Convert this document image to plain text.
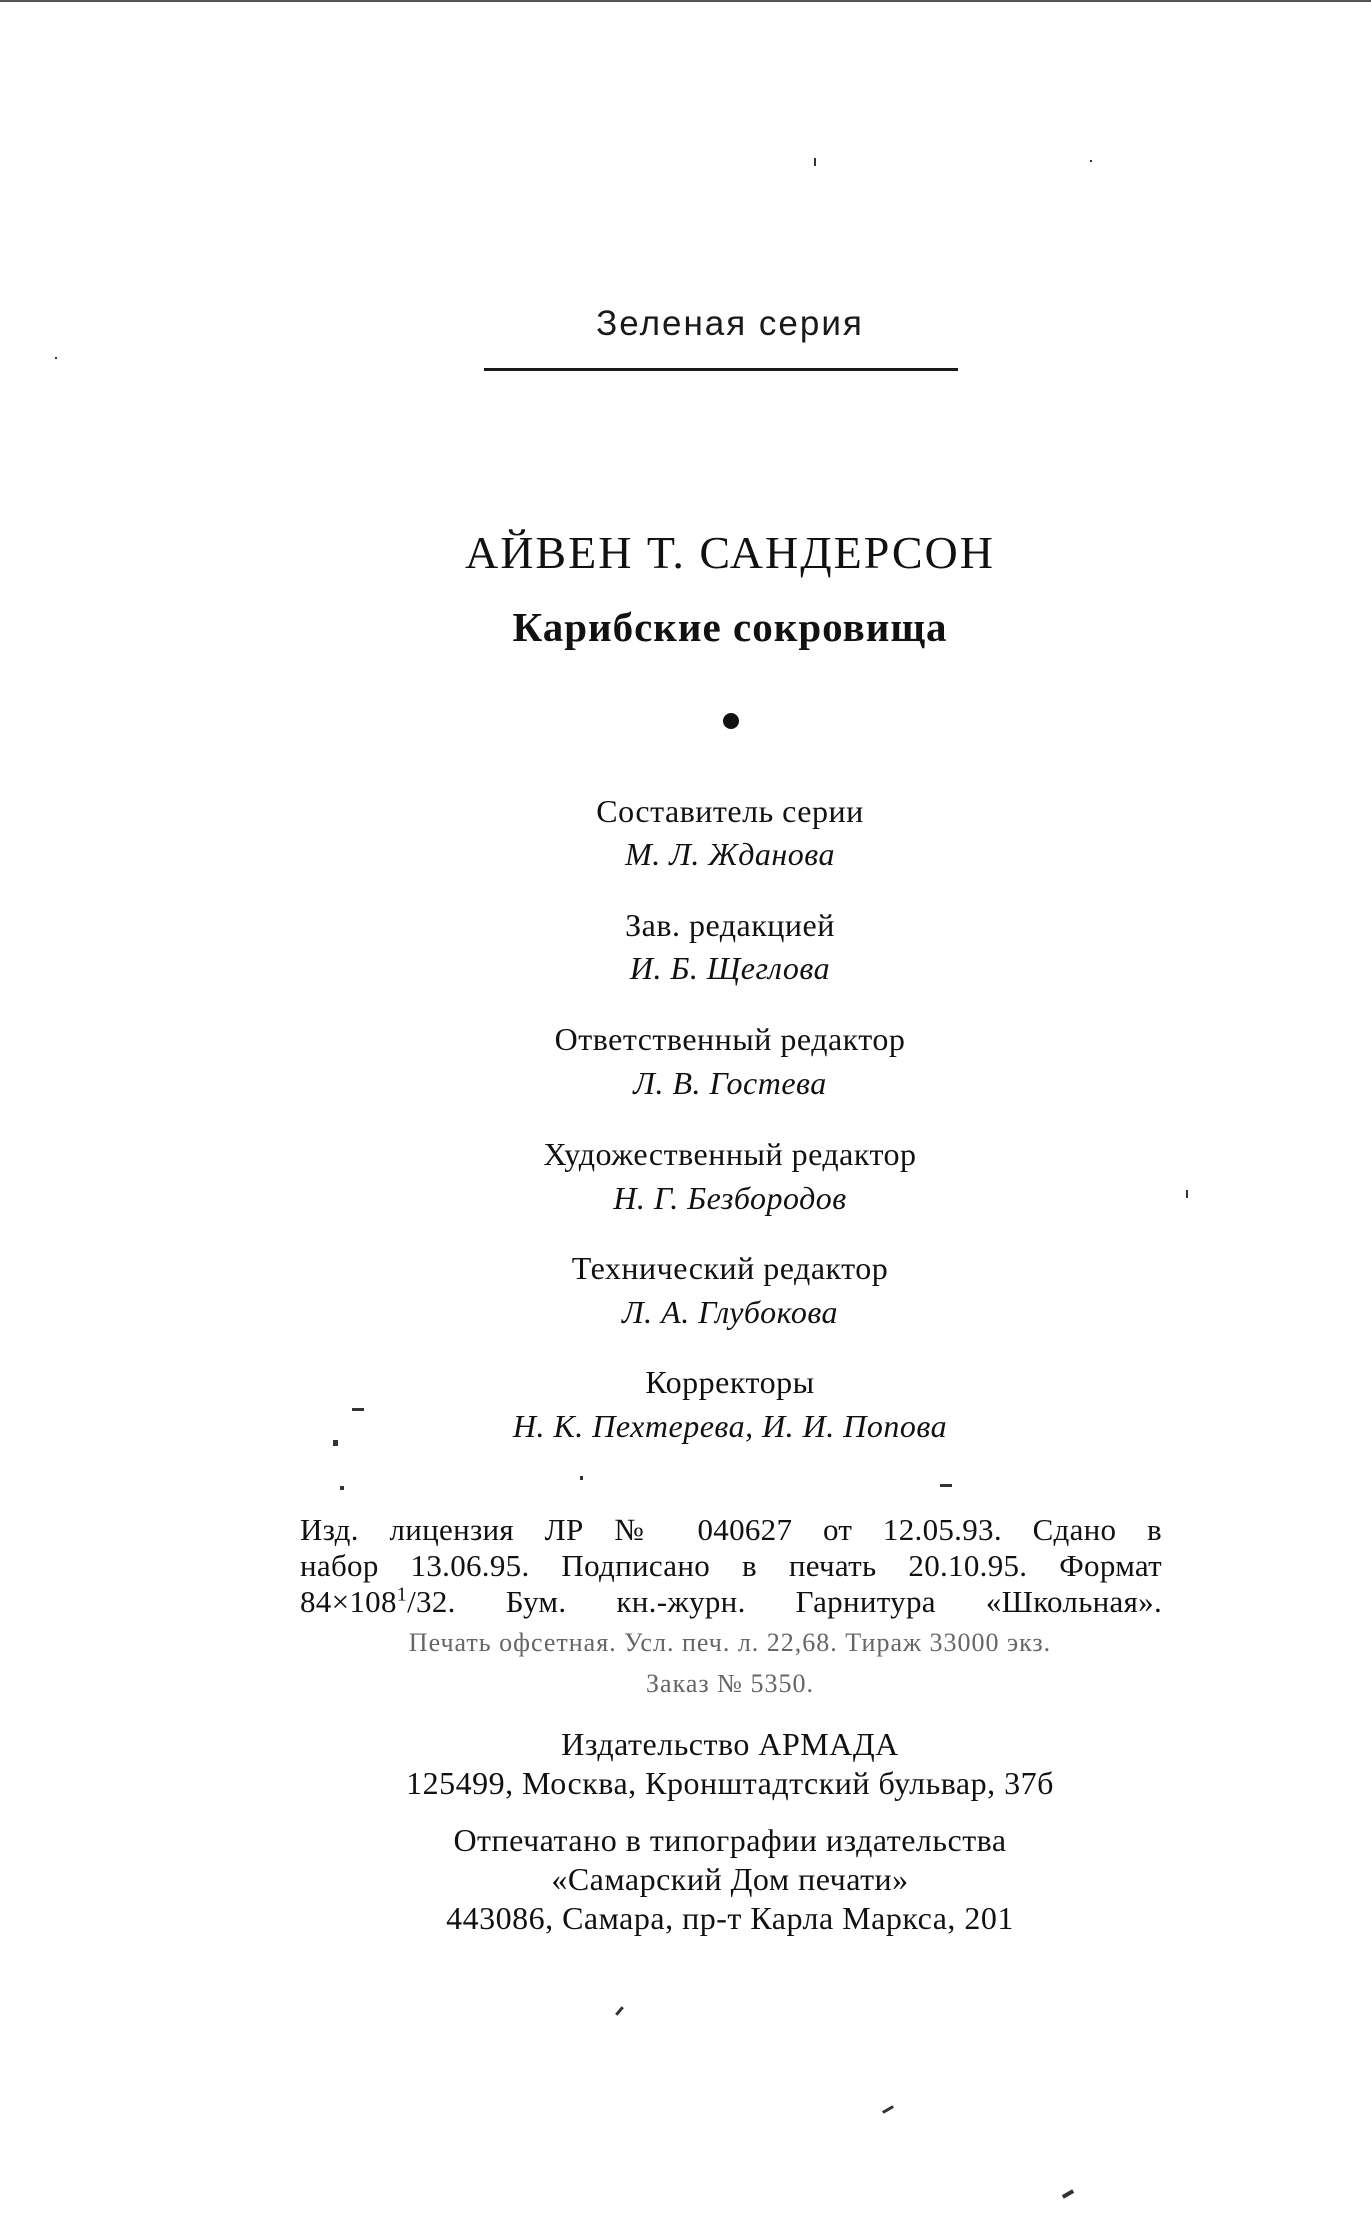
Зеленая серия
АЙВЕН Т. САНДЕРСОН
Карибские сокровища
Составитель серии
М. Л. Жданова
Зав. редакцией
И. Б. Щеглова
Ответственный редактор
Л. В. Гостева
Художественный редактор
Н. Г. Безбородов
Технический редактор
Л. А. Глубокова
Корректоры
Н. К. Пехтерева, И. И. Попова
Изд. лицензия ЛР № 040627 от 12.05.93. Сдано в
набор 13.06.95. Подписано в печать 20.10.95. Формат
$84\times 108^1/32$. Бум. кн.-журн. Гарнитура «Школьная».
Печать офсетная. Усл. печ. л. 22,68. Тираж 33000 экз.
Заказ № 5350.
Издательство АРМАДА
125499, Москва, Кронштадтский бульвар, 37б
Отпечатано в типографии издательства
«Самарский Дом печати»
443086, Самара, пр-т Карла Маркса, 201
